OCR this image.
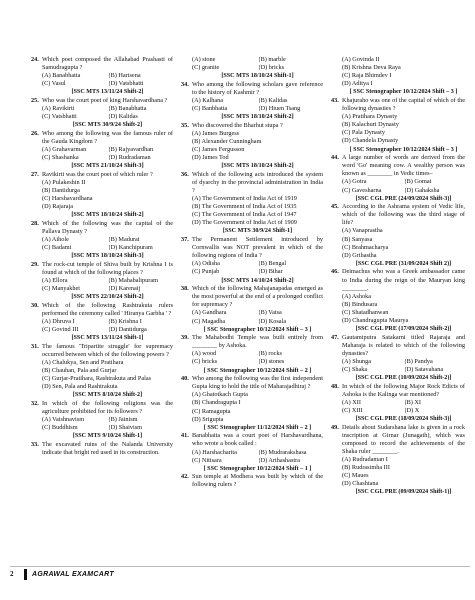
24. Which poet composed the Allahabad Prashasti of Samudragupta ?
(A) Banabhatta	(B) Harisena
(C) Vasul	(D) Vatsbhatti
[SSC MTS 13/11/24 Shift-2]
25. Who was the court poet of king Harshavardhana ?
(A) Ravikirti	(B) Banabhatta
(C) Vatsbhatti	(D) Kalidas
[SSC MTS 30/9/24 Shift-2]
26. Who among the following was the famous ruler of the Gauda Kingdom ?
(A) Grahavarman	(B) Rajyavardhan
(C) Shashanka	(D) Rudradaman
[SSC MTS 21/10/24 Shift-3]
27. Ravikirti was the court poet of which ruler ?
(A) Pulakeshin II
(B) Dantidurga
(C) Harshavardhana
(D) Rajaraja
[SSC MTS 18/10/24 Shift-2]
28. Which of the following was the capital of the Pallava Dynasty ?
(A) Aihole	(B) Madurai
(C) Badami	(D) Kanchipuram
[SSC MTS 18/10/24 Shift-3]
29. The rock-cut temple of Shiva built by Krishna I is found at which of the following places ?
(A) Ellora	(B) Mahabalipuram
(C) Manyakhet	(D) Karenaij
[SSC MTS 22/10/24 Shift-2]
30. Which of the following Rashtrakuta rulers performed the ceremony called ' Hiranya Garbha ' ?
(A) Dhruva I	(B) Krishna I
(C) Govind III	(D) Dantidurga
[SSC MTS 13/11/24 Shift-1]
31. The famous 'Tripartite struggle' for supremacy occurred between which of the following powers ?
(A) Chalukya, Sen and Pratihara
(B) Chauhan, Pala and Gurjar
(C) Gurjar-Pratihara, Rashtrakuta and Palas
(D) Sen, Pala and Rashtrakuta
[SSC MTS 8/10/24 Shift-2]
32. In which of the following religions was the agriculture prohibited for its followers ?
(A) Vaishnavism	(B) Jainism
(C) Buddhism	(D) Shaivism
[SSC MTS 9/10/24 Shift-1]
33. The excavated ruins of the Nalanda University indicate that bright red used in its construction.
(A) stone	(B) marble
(C) granite	(D) bricks
[SSC MTS 18/10/24 Shift-1]
34. Who among the following scholars gave reference to the history of Kashmir ?
(A) Kalhana	(B) Kalidas
(C) Banbhatta	(D) Hiuen Tsang
[SSC MTS 18/10/24 Shift-2]
35. Who discovered the Bharhut stupa ?
(A) James Burgess
(B) Alexander Cunningham
(C) James Fergusson
(D) James Tod
[SSC MTS 18/10/24 Shift-2]
36. Which of the following acts introduced the system of dyarchy in the provincial administration in India ?
(A) The Government of India Act of 1919
(B) The Government of India Act of 1935
(C) The Government of India Act of 1947
(D) The Government of India Act of 1909
[SSC MTS 30/9/24 Shift-1]
37. The Permanent Settlement introduced by Cornwallis was NOT prevalent in which of the following regions of India ?
(A) Odisha	(B) Bengal
(C) Punjab	(D) Bihar
[SSC MTS 14/10/24 Shift-2]
38. Which of the following Mahajanapadas emerged as the most powerful at the end of a prolonged conflict for supremacy ?
(A) Gandhara	(B) Vatsa
(C) Magadha	(D) Kosala
[ SSC Stenographer 10/12/2024 Shift – 3 ]
39. The Mahabodhi Temple was built entirely from ________ by Ashoka.
(A) wood	(B) rocks
(C) bricks	(D) stones
[ SSC Stenographer 10/12/2024 Shift – 2 ]
40. Who among the following was the first independent Gupta king to hold the title of Maharajadhiraj ?
(A) Ghatotkach Gupta
(B) Chandragupta I
(C) Ramagupta
(D) Srigupta
[ SSC Stenographer 11/12/2024 Shift – 2 ]
41. Banabhatta was a court poet of Harshavardhana, who wrote a book called :
(A) Harshacharita	(B) Mudrarakshasa
(C) Nitisara	(D) Arthashastra
[ SSC Stenographer 10/12/2024 Shift – 1 ]
42. Sun temple at Modhera was built by which of the following rulers ?
(A) Govinda II
(B) Krishna Deva Raya
(C) Raja Bhimdev I
(D) Aditya I
[ SSC Stenographer 10/12/2024 Shift – 3 ]
43. Khajuraho was one of the capital of which of the following dynasties ?
(A) Pratihara Dynasty
(B) Kalachuri Dynasty
(C) Pala Dynasty
(D) Chandela Dynasty
[ SSC Stenographer 10/12/2024 Shift – 3 ]
44. A large number of words are derived from the word 'Go' meaning cow. A wealthy person was known as ________ in Vedic times–
(A) Gotra	(B) Gomat
(C) Gavesharna	(D) Gahaksha
[SSC CGL PRE (24/09/2024 Shift-3)]
45. According to the Ashrama system of Vedic life, which of the following was the third stage of life?
(A) Vanaprastha
(B) Sanyasa
(C) Brahmacharya
(D) Grihastha
[SSC CGL PRE (31/09/2024 Shift 2)]
46. Deimachus who was a Greek ambassador came to India during the reign of the Mauryan king ________.
(A) Ashoka
(B) Bindusara
(C) Shatadhanwan
(D) Chandragupta Maurya
[SSC CGL PRE (17/09/2024 Shift-2)]
47. Gautamiputra Satakarni titled Rajaraja and Maharaja is related to which of the following dynasties?
(A) Shunga	(B) Pandya
(C) Shaka	(D) Satavahana
[SSC CGL PRE (10/09/2024 Shift-2)]
48. In which of the following Major Rock Edicts of Ashoka is the Kalinga war mentioned?
(A) XII	(B) XI
(C) XIII	(D) X
[SSC CGL PRE (18/09/2024 Shift-3)]
49. Details about Sudarshana lake is given in a rock inscription at Girnar (Junagath), which was composed to record the achievements of the Shaka ruler ________.
(A) Rudradaman I
(B) Rudrasimha III
(C) Maues
(D) Chashtana
[SSC CGL PRE (09/09/2024 Shift-1)]
2	AGRAWAL EXAMCART
